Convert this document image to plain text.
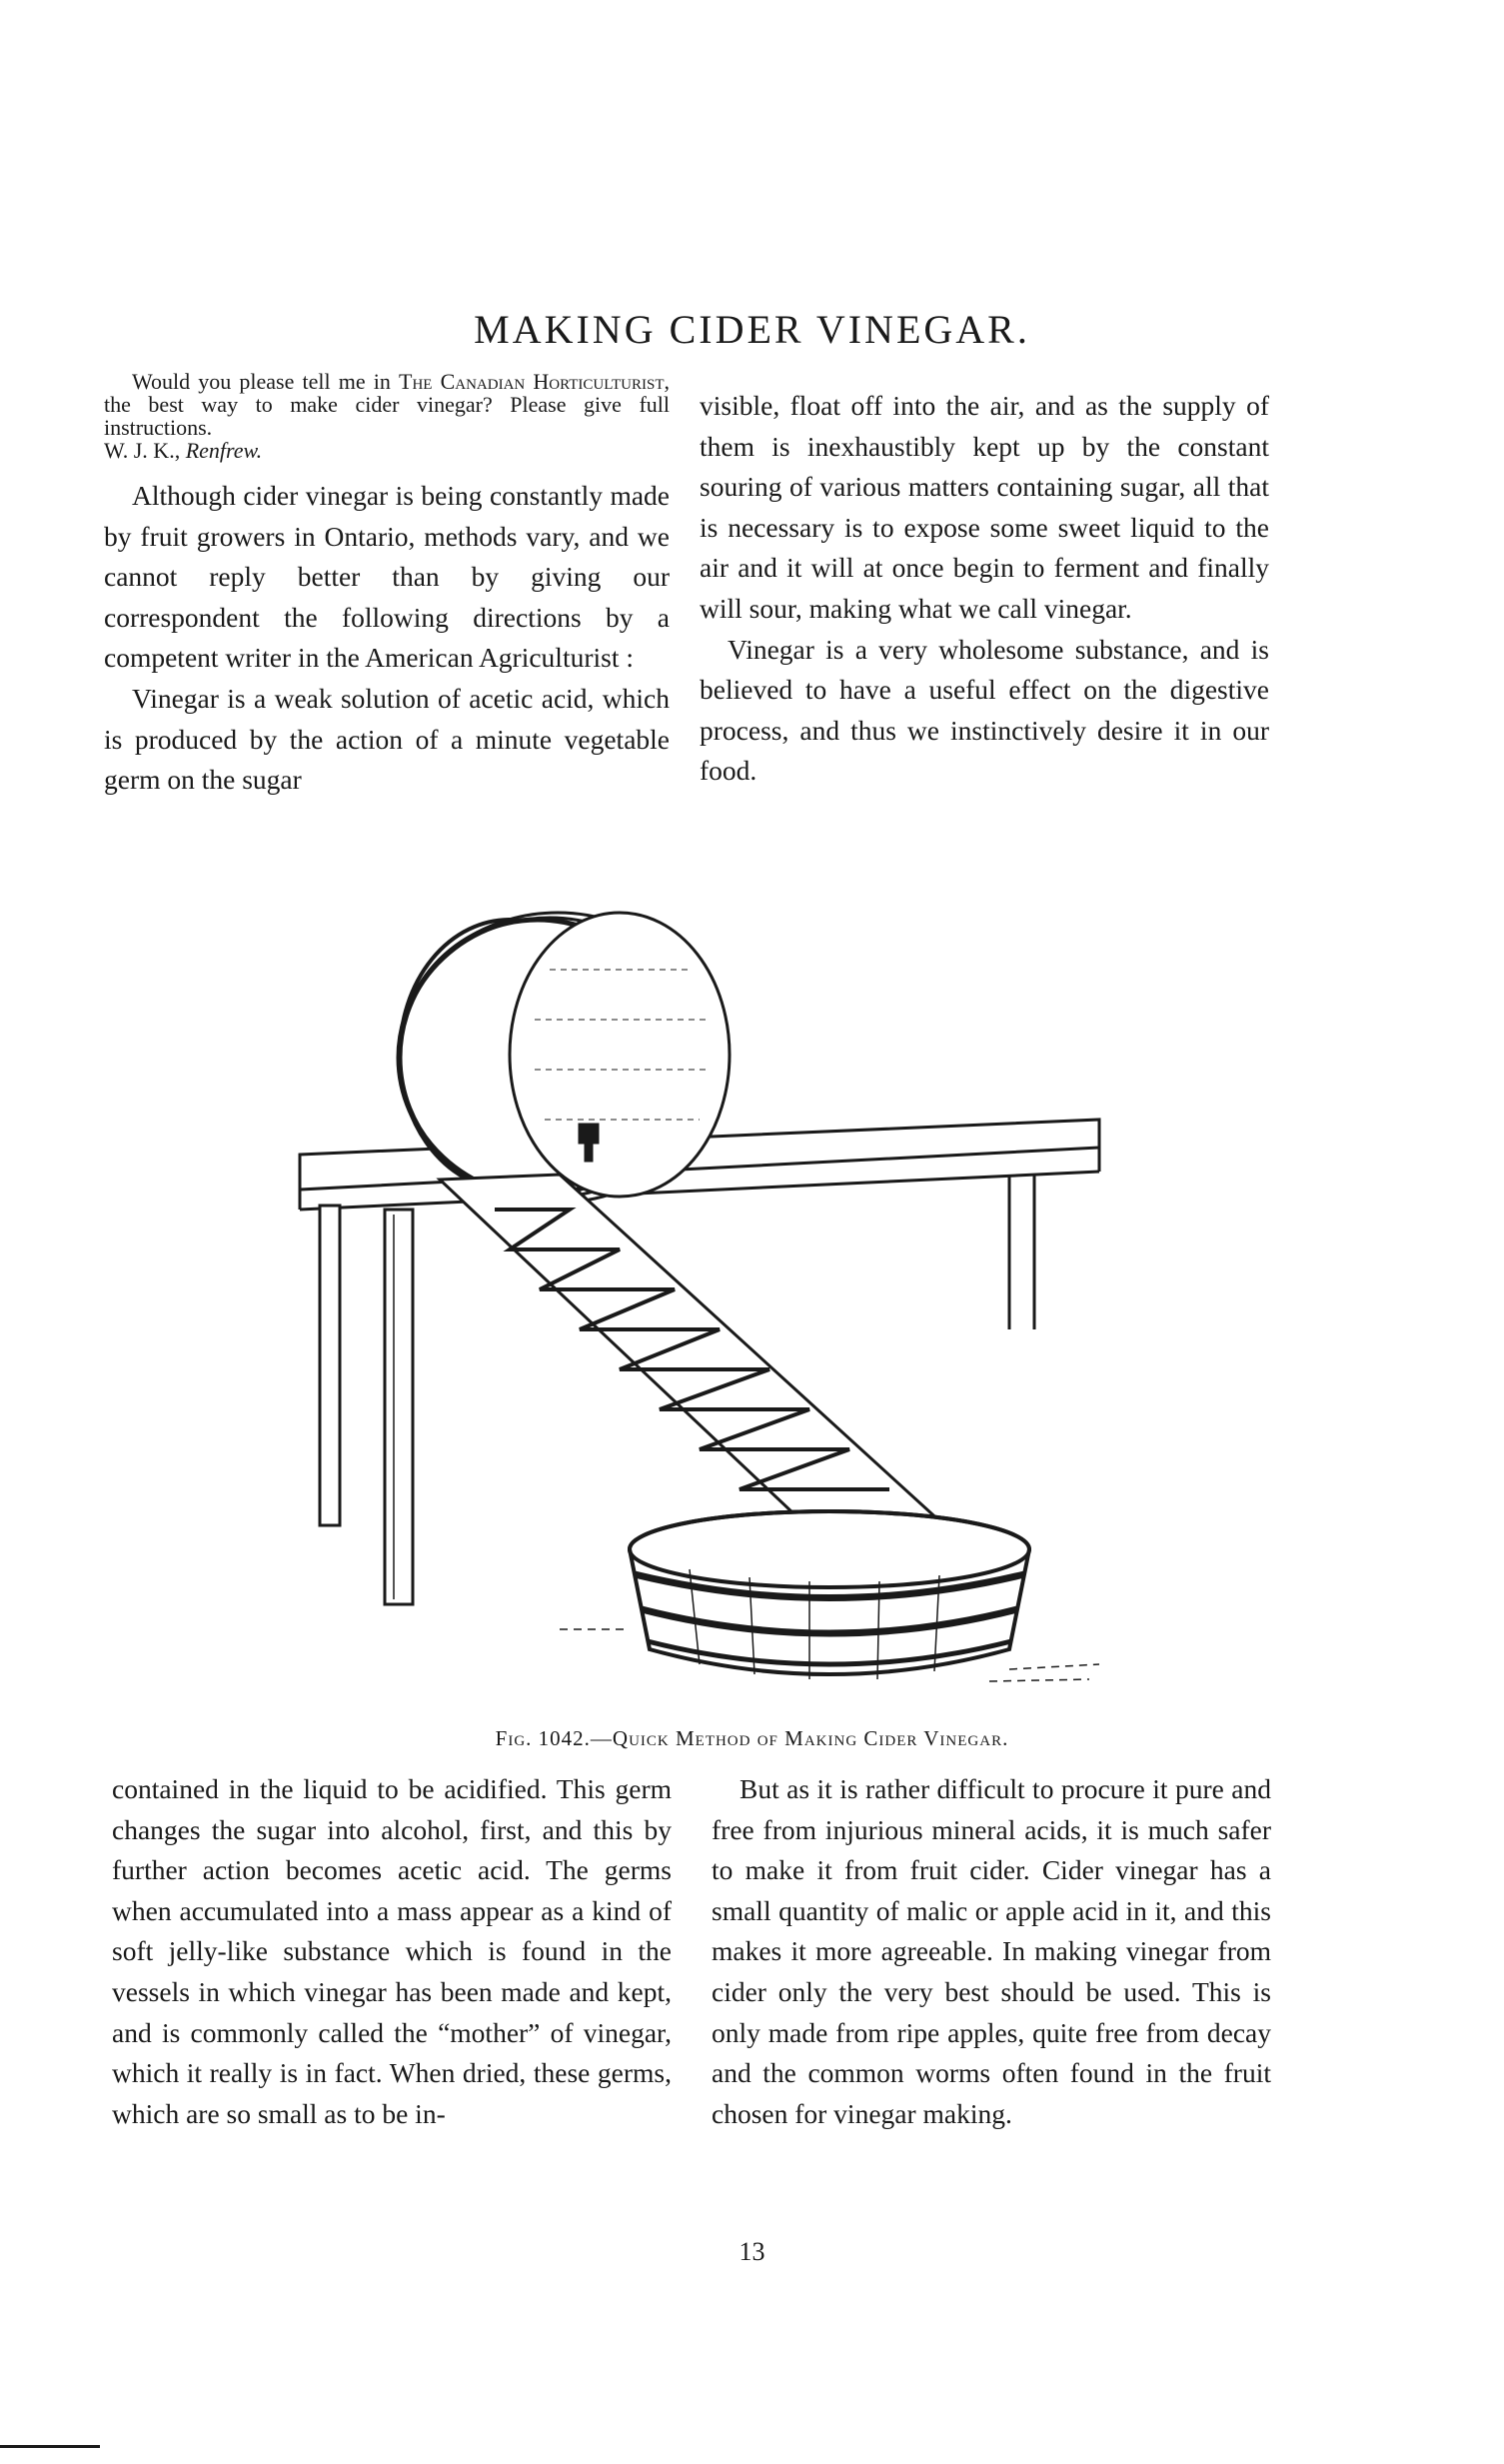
MAKING CIDER VINEGAR.

Would you please tell me in The Canadian Horticulturist, the best way to make cider vinegar? Please give full instructions.

W. J. K., Renfrew.

Although cider vinegar is being constantly made by fruit growers in Ontario, methods vary, and we cannot reply better than by giving our correspondent the following directions by a competent writer in the American Agriculturist :

Vinegar is a weak solution of acetic acid, which is produced by the action of a minute vegetable germ on the sugar

visible, float off into the air, and as the supply of them is inexhaustibly kept up by the constant souring of various matters containing sugar, all that is necessary is to expose some sweet liquid to the air and it will at once begin to ferment and finally will sour, making what we call vinegar.

Vinegar is a very wholesome substance, and is believed to have a useful effect on the digestive process, and thus we instinctively desire it in our food.

Fig. 1042.—Quick Method of Making Cider Vinegar.

contained in the liquid to be acidified. This germ changes the sugar into alcohol, first, and this by further action becomes acetic acid. The germs when accumulated into a mass appear as a kind of soft jelly-like substance which is found in the vessels in which vinegar has been made and kept, and is commonly called the “mother” of vinegar, which it really is in fact. When dried, these germs, which are so small as to be in-

But as it is rather difficult to procure it pure and free from injurious mineral acids, it is much safer to make it from fruit cider. Cider vinegar has a small quantity of malic or apple acid in it, and this makes it more agreeable. In making vinegar from cider only the very best should be used. This is only made from ripe apples, quite free from decay and the common worms often found in the fruit chosen for vinegar making.

13
